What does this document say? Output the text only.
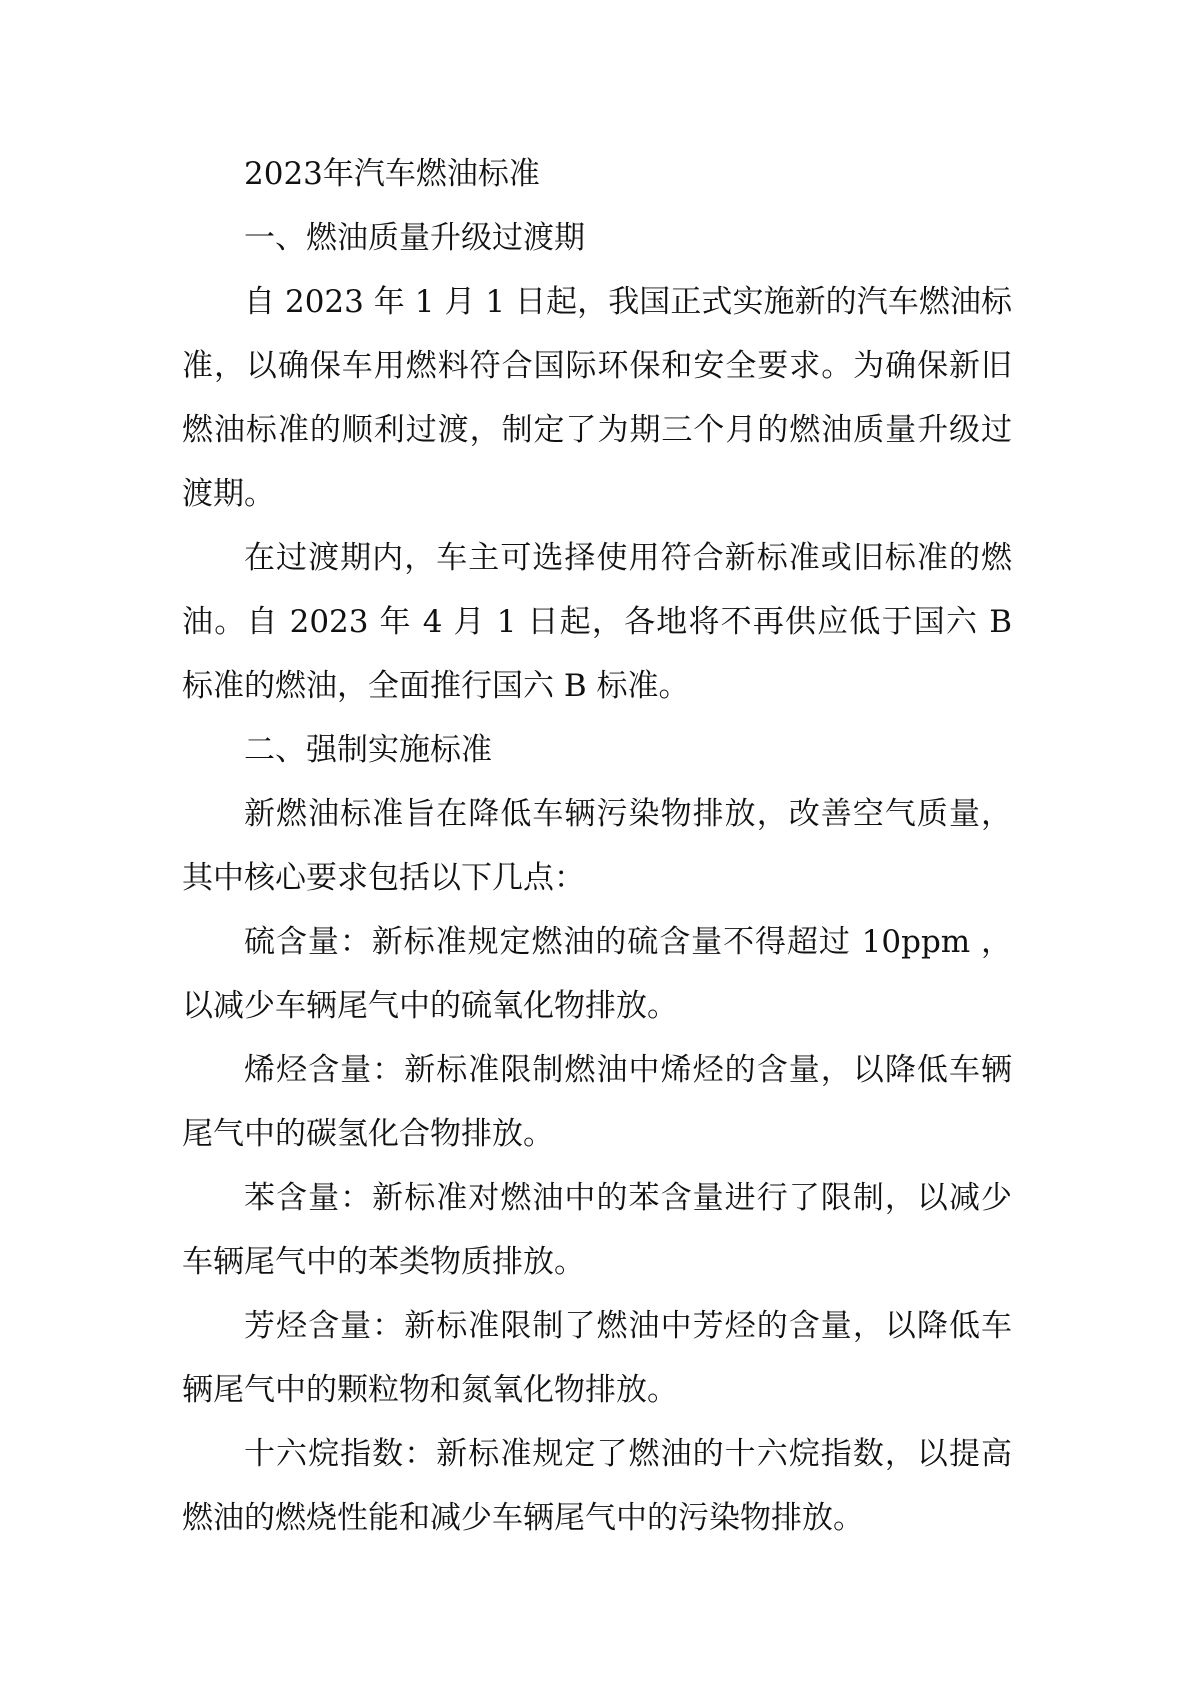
2023年汽车燃油标准

一、燃油质量升级过渡期

自 2023 年 1 月 1 日起，我国正式实施新的汽车燃油标准，以确保车用燃料符合国际环保和安全要求。为确保新旧燃油标准的顺利过渡，制定了为期三个月的燃油质量升级过渡期。

在过渡期内，车主可选择使用符合新标准或旧标准的燃油。自 2023 年 4 月 1 日起，各地将不再供应低于国六 B 标准的燃油，全面推行国六 B 标准。

二、强制实施标准

新燃油标准旨在降低车辆污染物排放，改善空气质量，其中核心要求包括以下几点：

硫含量：新标准规定燃油的硫含量不得超过 10ppm ，以减少车辆尾气中的硫氧化物排放。

烯烃含量：新标准限制燃油中烯烃的含量，以降低车辆尾气中的碳氢化合物排放。

苯含量：新标准对燃油中的苯含量进行了限制，以减少车辆尾气中的苯类物质排放。

芳烃含量：新标准限制了燃油中芳烃的含量，以降低车辆尾气中的颗粒物和氮氧化物排放。

十六烷指数：新标准规定了燃油的十六烷指数，以提高燃油的燃烧性能和减少车辆尾气中的污染物排放。
